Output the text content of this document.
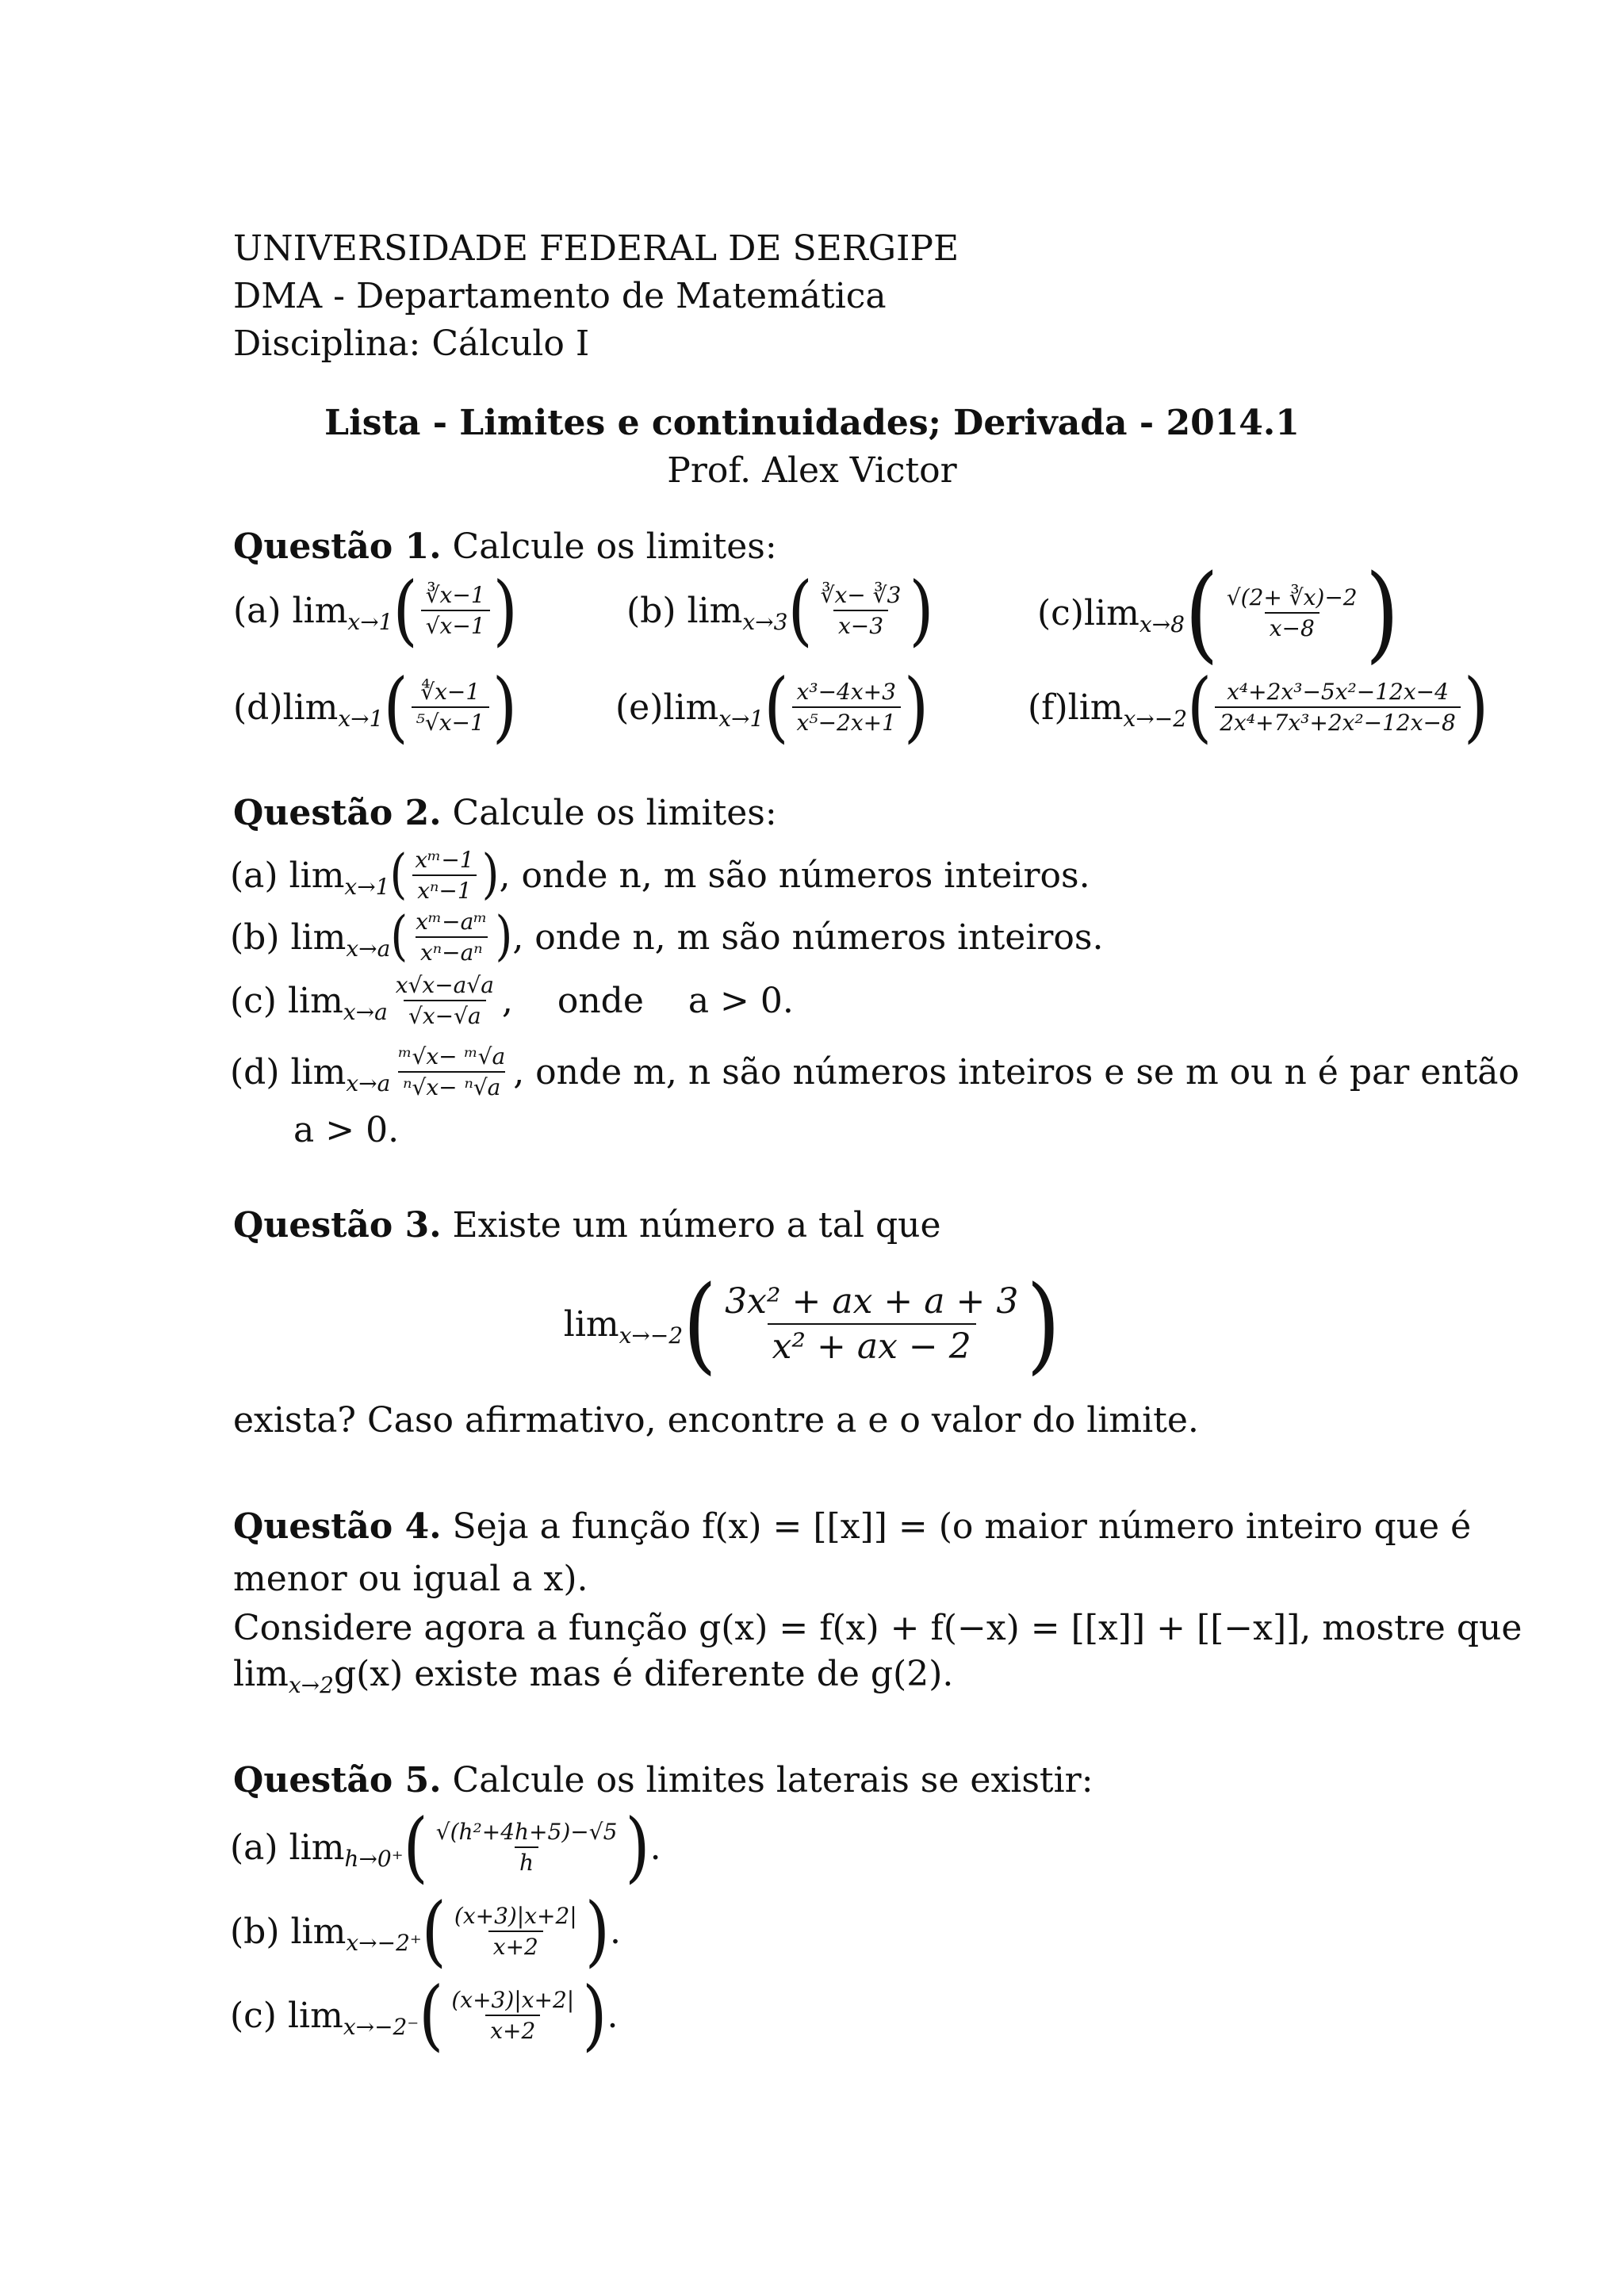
UNIVERSIDADE FEDERAL DE SERGIPE
DMA - Departamento de Matemática
Disciplina: Cálculo I
Lista - Limites e continuidades; Derivada - 2014.1
Prof. Alex Victor
Questão 1. Calcule os limites:
(a) lim x→1 ( $\frac{∛x-1}{√x-1}$ )	(b) lim x→3 ( $\frac{∛x- ∛3}{x-3}$ )	(c)lim x→8 ( $\frac{√(2+ ∛x)-2}{x-8}$ )
(d)lim x→1 ( $\frac{∜x-1}{\text{⁵√x−1}}$ )	(e)lim x→1 ( $\frac{\text{x³−4x+3}}{\text{x⁵−2x+1}}$ )	(f)lim x→−2 ( $\frac{\text{x⁴+2x³−5x²−12x−4}}{\text{2x⁴+7x³+2x²−12x−8}}$ )
Questão 2. Calcule os limites:
(a) lim x→1 ( $\frac{\text{xᵐ−1}}{\text{xⁿ−1}}$ ) , onde n, m são números inteiros.
(b) lim x→a ( $\frac{\text{xᵐ−aᵐ}}{\text{xⁿ−aⁿ}}$ ) , onde n, m são números inteiros.
(c) $\lim x\to a \frac{x√x-a√a}{√x-√a}$ ,    onde    a > 0.
(d) $\lim x\to a \frac{\text{ᵐ√x− ᵐ√a}}{\text{ⁿ√x− ⁿ√a}}$ , onde m, n são números inteiros e se m ou n é par então
a > 0.
Questão 3. Existe um número a tal que
lim x→−2 ( $\frac{\text{3x² + ax + a + 3}}{\text{x² + ax − 2}}$ )
exista? Caso afirmativo, encontre a e o valor do limite.
Questão 4. Seja a função f(x) = [[x]] = (o maior número inteiro que é
menor ou igual a x).
Considere agora a função g(x) = f(x) + f(−x) = [[x]] + [[−x]], mostre que
lim x→2 g(x) existe mas é diferente de g(2).
Questão 5. Calcule os limites laterais se existir:
(a) lim h→0⁺ ( $\frac{\text{√(h²+4h+5)−√5}}{h}$ ) .
(b) lim x→−2⁺ ( $\frac{(x+3)|x+2|}{x+2}$ ) .
(c) lim x→−2⁻ ( $\frac{(x+3)|x+2|}{x+2}$ ) .
